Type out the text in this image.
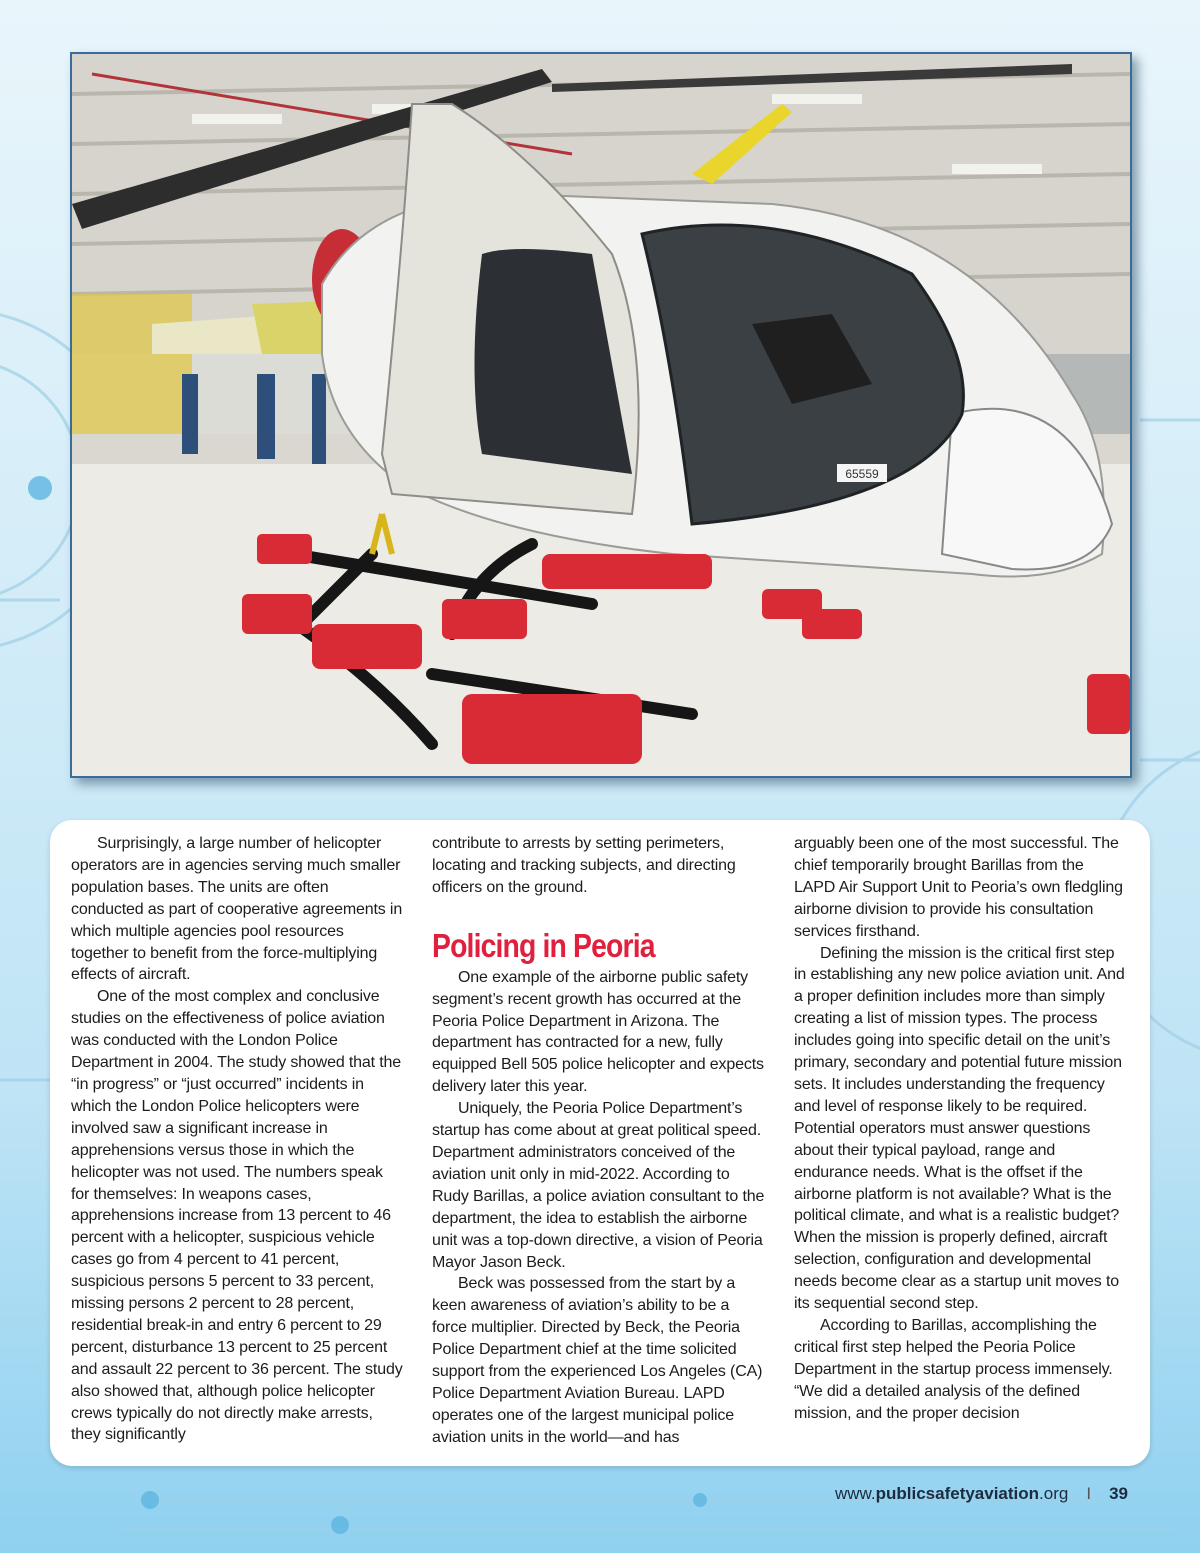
65559

Surprisingly, a large number of helicopter operators are in agencies serving much smaller population bases. The units are often conducted as part of cooperative agreements in which multiple agencies pool resources together to benefit from the force-multiplying effects of aircraft.

One of the most complex and conclusive studies on the effectiveness of police aviation was conducted with the London Police Department in 2004. The study showed that the “in progress” or “just occurred” incidents in which the London Police helicopters were involved saw a significant increase in apprehensions versus those in which the helicopter was not used. The numbers speak for themselves: In weapons cases, apprehensions increase from 13 percent to 46 percent with a helicopter, suspicious vehicle cases go from 4 percent to 41 percent, suspicious persons 5 percent to 33 percent, missing persons 2 percent to 28 percent, residential break-in and entry 6 percent to 29 percent, disturbance 13 percent to 25 percent and assault 22 percent to 36 percent. The study also showed that, although police helicopter crews typically do not directly make arrests, they significantly

contribute to arrests by setting perimeters, locating and tracking subjects, and directing officers on the ground.

Policing in Peoria

One example of the airborne public safety segment’s recent growth has occurred at the Peoria Police Department in Arizona. The department has contracted for a new, fully equipped Bell 505 police helicopter and expects delivery later this year.

Uniquely, the Peoria Police Department’s startup has come about at great political speed. Department administrators conceived of the aviation unit only in mid-2022. According to Rudy Barillas, a police aviation consultant to the department, the idea to establish the airborne unit was a top-down directive, a vision of Peoria Mayor Jason Beck.

Beck was possessed from the start by a keen awareness of aviation’s ability to be a force multiplier. Directed by Beck, the Peoria Police Department chief at the time solicited support from the experienced Los Angeles (CA) Police Department Aviation Bureau. LAPD operates one of the largest municipal police aviation units in the world—and has

arguably been one of the most successful. The chief temporarily brought Barillas from the LAPD Air Support Unit to Peoria’s own fledgling airborne division to provide his consultation services firsthand.

Defining the mission is the critical first step in establishing any new police aviation unit. And a proper definition includes more than simply creating a list of mission types. The process includes going into specific detail on the unit’s primary, secondary and potential future mission sets. It includes understanding the frequency and level of response likely to be required. Potential operators must answer questions about their typical payload, range and endurance needs. What is the offset if the airborne platform is not available? What is the political climate, and what is a realistic budget? When the mission is properly defined, aircraft selection, configuration and developmental needs become clear as a startup unit moves to its sequential second step.

According to Barillas, accomplishing the critical first step helped the Peoria Police Department in the startup process immensely. “We did a detailed analysis of the defined mission, and the proper decision

www.publicsafetyaviation.org I 39
